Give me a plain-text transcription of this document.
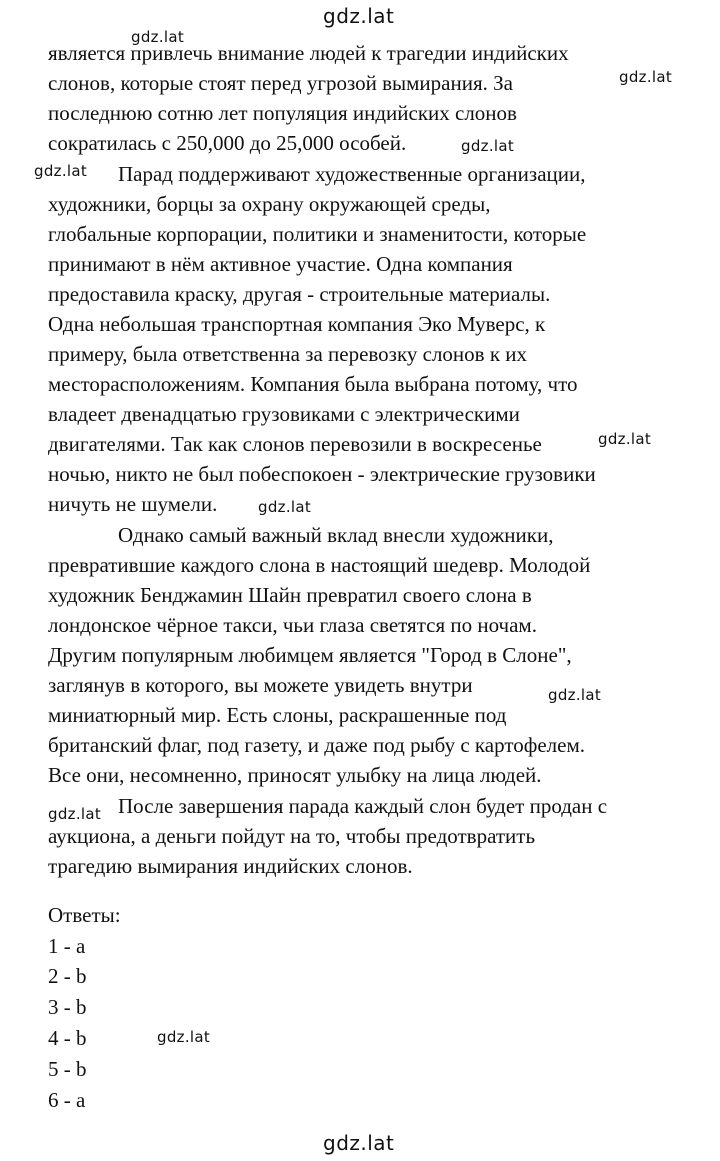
gdz.lat
gdz.lat
gdz.lat
gdz.lat
gdz.lat
gdz.lat
gdz.lat
gdz.lat
gdz.lat
gdz.lat
gdz.lat
является привлечь внимание людей к трагедии индийских
слонов, которые стоят перед угрозой вымирания. За
последнюю сотню лет популяция индийских слонов
сократилась с 250,000 до 25,000 особей.
Парад поддерживают художественные организации,
художники, борцы за охрану окружающей среды,
глобальные корпорации, политики и знаменитости, которые
принимают в нём активное участие. Одна компания
предоставила краску, другая - строительные материалы.
Одна небольшая транспортная компания Эко Муверс, к
примеру, была ответственна за перевозку слонов к их
месторасположениям. Компания была выбрана потому, что
владеет двенадцатью грузовиками с электрическими
двигателями. Так как слонов перевозили в воскресенье
ночью, никто не был побеспокоен - электрические грузовики
ничуть не шумели.
Однако самый важный вклад внесли художники,
превратившие каждого слона в настоящий шедевр. Молодой
художник Бенджамин Шайн превратил своего слона в
лондонское чёрное такси, чьи глаза светятся по ночам.
Другим популярным любимцем является "Город в Слоне",
заглянув в которого, вы можете увидеть внутри
миниатюрный мир. Есть слоны, раскрашенные под
британский флаг, под газету, и даже под рыбу с картофелем.
Все они, несомненно, приносят улыбку на лица людей.
После завершения парада каждый слон будет продан с
аукциона, а деньги пойдут на то, чтобы предотвратить
трагедию вымирания индийских слонов.
Ответы:
1 - a
2 - b
3 - b
4 - b
5 - b
6 - a
